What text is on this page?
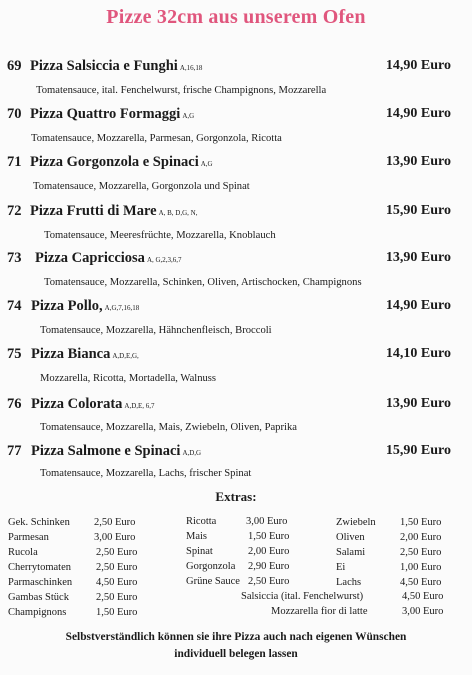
Pizze 32cm aus unserem Ofen
69 Pizza Salsiccia e Funghi A,16,18	14,90 Euro
Tomatensauce, ital. Fenchelwurst, frische Champignons, Mozzarella
70 Pizza Quattro Formaggi A,G	14,90 Euro
Tomatensauce, Mozzarella, Parmesan, Gorgonzola, Ricotta
71 Pizza Gorgonzola e Spinaci A,G	13,90 Euro
Tomatensauce, Mozzarella, Gorgonzola und Spinat
72 Pizza Frutti di Mare A, B, D,G, N,	15,90 Euro
Tomatensauce, Meeresfrüchte, Mozzarella, Knoblauch
73 Pizza Capricciosa A, G,2,3,6,7	13,90 Euro
Tomatensauce, Mozzarella, Schinken, Oliven, Artischocken, Champignons
74 Pizza Pollo, A,G,7,16,18	14,90 Euro
Tomatensauce, Mozzarella, Hähnchenfleisch, Broccoli
75 Pizza Bianca A,D,E,G,	14,10 Euro
Mozzarella, Ricotta, Mortadella, Walnuss
76 Pizza Colorata A,D,E, 6,7	13,90 Euro
Tomatensauce, Mozzarella, Mais, Zwiebeln, Oliven, Paprika
77 Pizza Salmone e Spinaci A,D,G	15,90 Euro
Tomatensauce, Mozzarella, Lachs, frischer Spinat
Extras:
Gek. Schinken 2,50 Euro
Parmesan	3,00 Euro
Rucola	2,50 Euro
Cherrytomaten 2,50 Euro
Parmaschinken 4,50 Euro
Gambas Stück	2,50 Euro
Champignons	1,50 Euro
Ricotta	3,00 Euro
Mais	1,50 Euro
Spinat	2,00 Euro
Gorgonzola 2,90 Euro
Grüne Sauce 2,50 Euro
Zwiebeln 1,50 Euro
Oliven	2,00 Euro
Salami	2,50 Euro
Ei	1,00 Euro
Lachs	4,50 Euro
Salsiccia (ital. Fenchelwurst)	4,50 Euro
Mozzarella fior di latte	3,00 Euro
Selbstverständlich können sie ihre Pizza auch nach eigenen Wünschen
individuell belegen lassen
